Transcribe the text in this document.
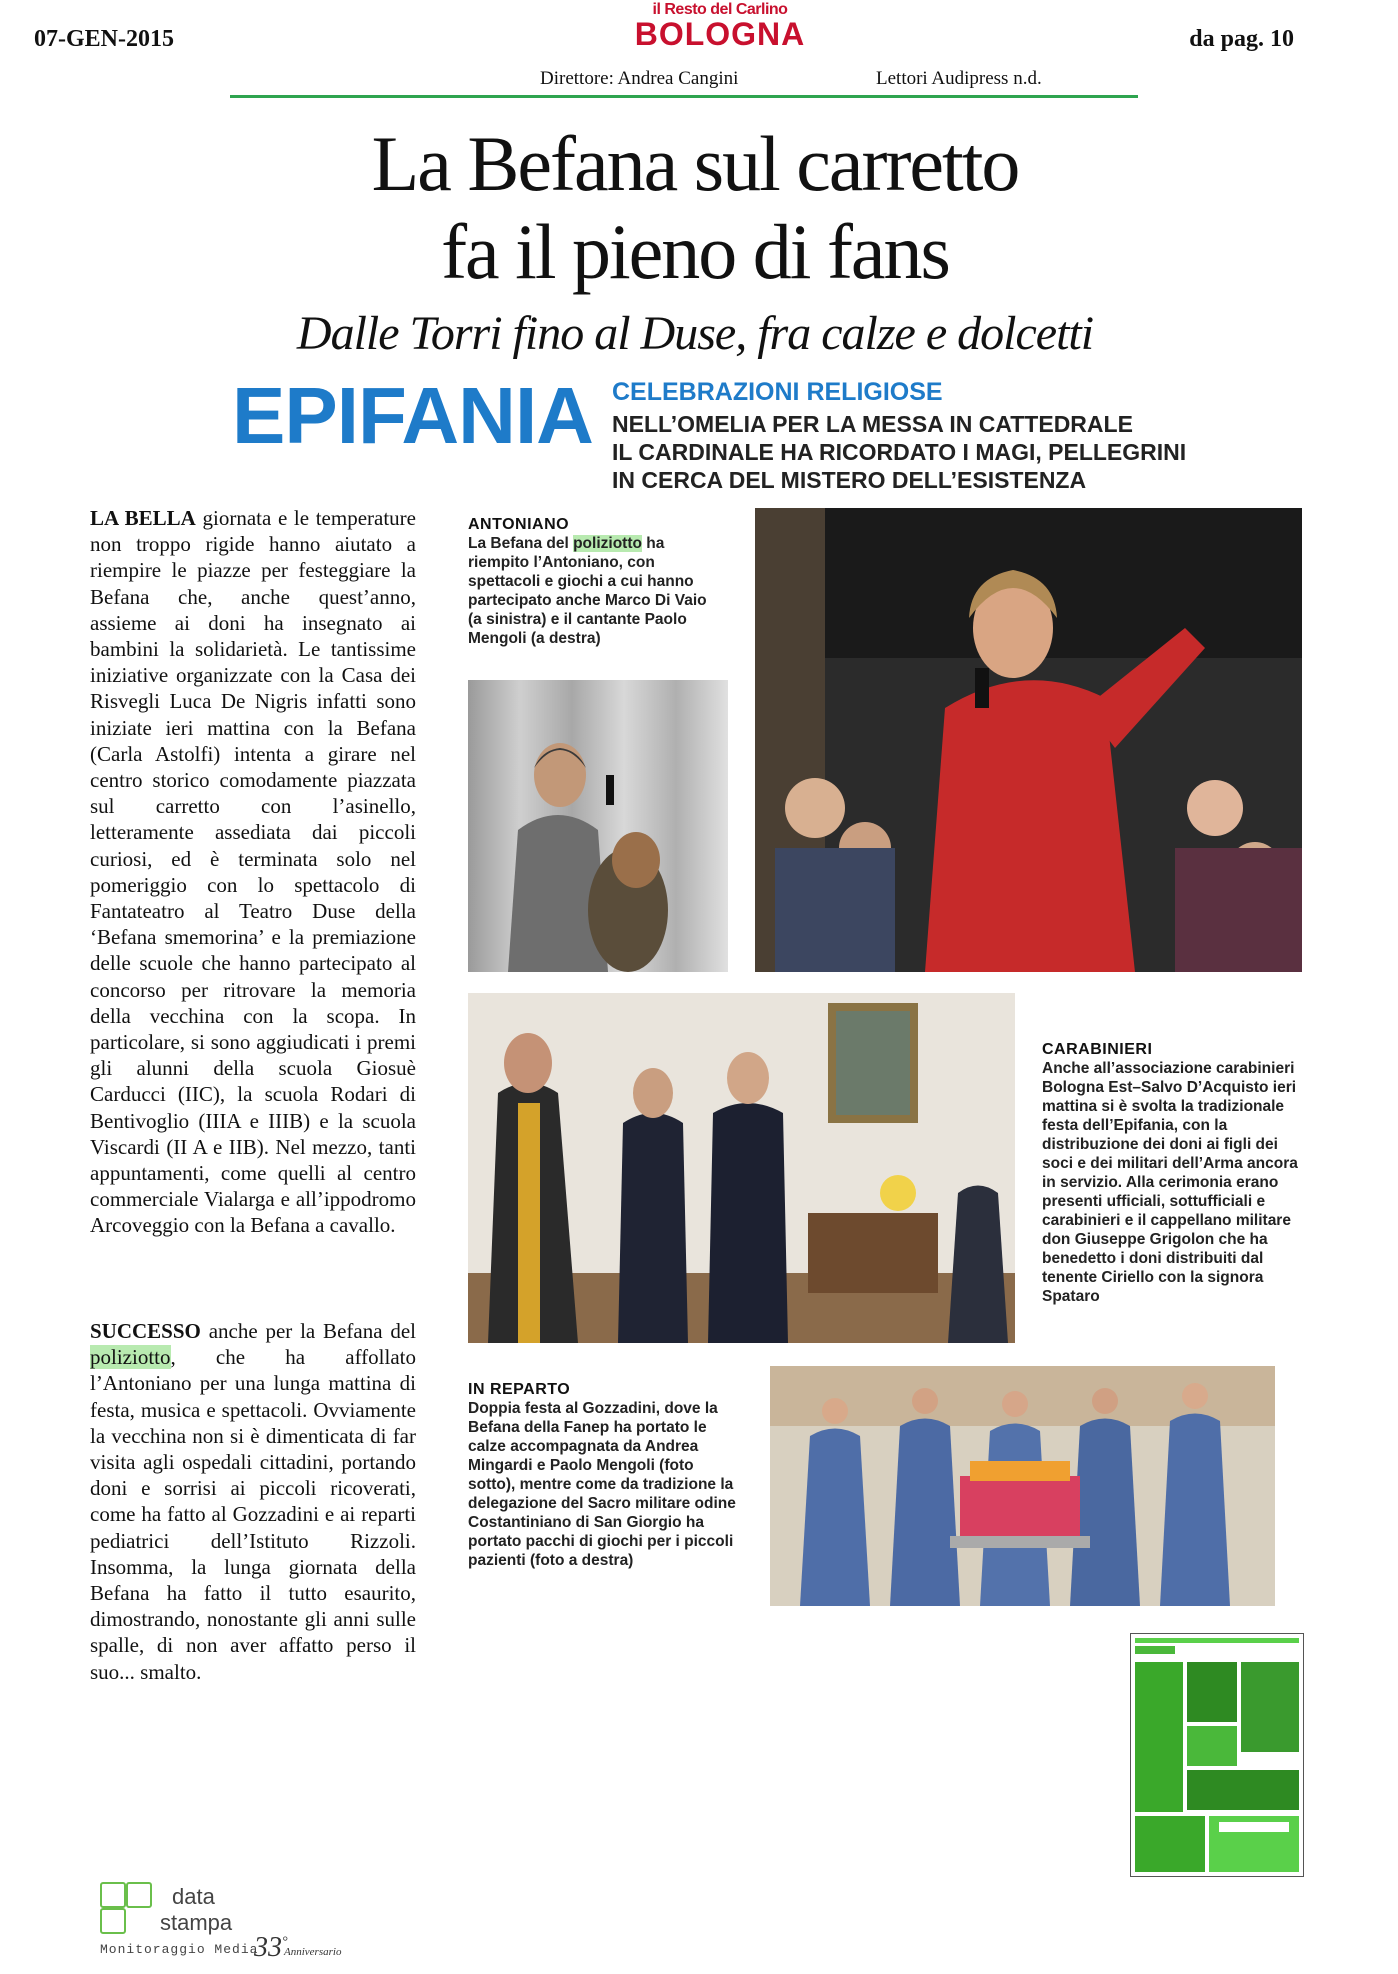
07-GEN-2015
il Resto del Carlino
BOLOGNA	da pag. 10
Direttore: Andrea Cangini	Lettori Audipress n.d.
La Befana sul carretto
fa il pieno di fans
Dalle Torri fino al Duse, fra calze e dolcetti
EPIFANIA CELEBRAZIONI RELIGIOSE
NELL’OMELIA PER LA MESSA IN CATTEDRALE
IL CARDINALE HA RICORDATO I MAGI, PELLEGRINI
IN CERCA DEL MISTERO DELL’ESISTENZA
LA BELLA giornata e le temperature non troppo rigide hanno aiutato a riempire le piazze per festeggiare la Befana che, anche quest’anno, assieme ai doni ha insegnato ai bambini la solidarietà. Le tantissime iniziative organizzate con la Casa dei Risvegli Luca De Nigris infatti sono iniziate ieri mattina con la Befana (Carla Astolfi) intenta a girare nel centro storico comodamente piazzata sul carretto con l’asinello, letteramente assediata dai piccoli curiosi, ed è terminata solo nel pomeriggio con lo spettacolo di Fantateatro al Teatro Duse della ‘Befana smemorina’ e la premiazione delle scuole che hanno partecipato al concorso per ritrovare la memoria della vecchina con la scopa. In particolare, si sono aggiudicati i premi gli alunni della scuola Giosuè Carducci (IIC), la scuola Rodari di Bentivoglio (IIIA e IIIB) e la scuola Viscardi (II A e IIB). Nel mezzo, tanti appuntamenti, come quelli al centro commerciale Vialarga e all’ippodromo Arcoveggio con la Befana a cavallo.
SUCCESSO anche per la Befana del poliziotto, che ha affollato l’Antoniano per una lunga mattina di festa, musica e spettacoli. Ovviamente la vecchina non si è dimenticata di far visita agli ospedali cittadini, portando doni e sorrisi ai piccoli ricoverati, come ha fatto al Gozzadini e ai reparti pediatrici dell’Istituto Rizzoli. Insomma, la lunga giornata della Befana ha fatto il tutto esaurito, dimostrando, nonostante gli anni sulle spalle, di non aver affatto perso il suo... smalto.
ANTONIANO
La Befana del poliziotto ha riempito l’Antoniano, con spettacoli e giochi a cui hanno partecipato anche Marco Di Vaio (a sinistra) e il cantante Paolo Mengoli (a destra)
CARABINIERI
Anche all’associazione carabinieri Bologna Est–Salvo D’Acquisto ieri mattina si è svolta la tradizionale festa dell’Epifania, con la distribuzione dei doni ai figli dei soci e dei militari dell’Arma ancora in servizio. Alla cerimonia erano presenti ufficiali, sottufficiali e carabinieri e il cappellano militare don Giuseppe Grigolon che ha benedetto i doni distribuiti dal tenente Ciriello con la signora Spataro
IN REPARTO
Doppia festa al Gozzadini, dove la Befana della Fanep ha portato le calze accompagnata da Andrea Mingardi e Paolo Mengoli (foto sotto), mentre come da tradizione la delegazione del Sacro militare odine Costantiniano di San Giorgio ha portato pacchi di giochi per i piccoli pazienti (foto a destra)
data
stampa
Monitoraggio Media
33°
Anniversario
